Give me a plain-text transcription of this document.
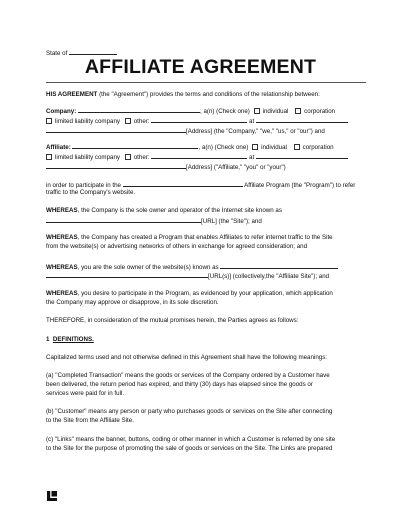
State of
AFFILIATE AGREEMENT
HIS AGREEMENT (the "Agreement") provides the terms and conditions of the relationship between:
Company:	, a(n) (Check one) individual	corporation
limited liability company other:	at
[Address] (the "Company," "we," "us," or "our") and
Affiliate:	, a(n) (Check one) individual	corporation
limited liability company other:	at
[Address] ("Affiliate," "you" or "your")
in order to participate in the	Affiliate Program (the "Program") to refer
traffic to the Company's website.
WHEREAS, the Company is the sole owner and operator of the Internet site known as
[URL] (the "Site"); and
WHEREAS, the Company has created a Program that enables Affiliates to refer internet traffic to the Site
from the website(s) or advertising networks of others in exchange for agreed consideration; and
WHEREAS, you are the sole owner of the website(s) known as
[URL(s)] (collectively,the "Affiliate Site"); and
WHEREAS, you desire to participate in the Program, as evidenced by your application, which application
the Company may approve or disapprove, in its sole discretion.
THEREFORE, in consideration of the mutual promises herein, the Parties agrees as follows:
1 DEFINITIONS.
Capitalized terms used and not otherwise defined in this Agreement shall have the following meanings:
(a) "Completed Transaction" means the goods or services of the Company ordered by a Customer have
been delivered, the return period has expired, and thirty (30) days has elapsed since the goods or
services were paid for in full.
(b) "Customer" means any person or party who purchases goods or services on the Site after connecting
to the Site from the Affiliate Site.
(c) "Links" means the banner, buttons, coding or other manner in which a Customer is referred by one site
to the Site for the purpose of promoting the sale of goods or services on the Site. The Links are prepared
